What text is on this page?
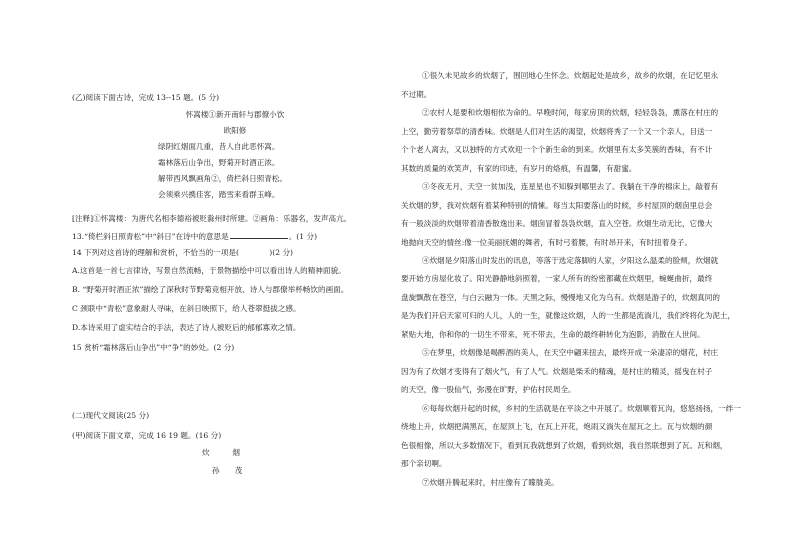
(乙)阅读下面古诗，完成 13--15 题。(5 分)
怀嵩楼①新开南轩与郡僚小饮
欧阳修
绿阴红烟面几重，昔人自此恶怀嵩。
霜林落后山争出，野菊开时酒正浓。
解带西风飘画角②，倚栏斜日照青松。
会须乘兴携佳客，踏雪来看群玉峰。
[注释]①怀嵩楼：为唐代名相李德裕被贬滁州时所建。②画角：乐器名，发声高亢。
13.“倚栏斜日照青松”中“斜日”在诗中的意思是	。(1 分)
14 下列对这首诗的理解和赏析，不恰当的一项是(　　　　)(2 分)
A.这首是一首七言律诗，写景自然流畅，于景物描绘中可以看出诗人的精神面貌。
B. “野菊开时酒正浓”描绘了深秋时节野菊竞相开放、诗人与郡僚举杯畅饮的画面。
C 颈联中“青松”意象耐人寻味，在斜日映照下，给人苍翠挺拔之感。
D.本诗采用了虚实结合的手法，表达了诗人被贬后的郁郁寡欢之情。
15 赏析“霜林落后山争出”中“争”的妙处。(2 分)
(二)现代文阅读(25 分)
(甲)阅读下面文章，完成 16 19 题。(16 分)
炊　　　烟
孙　　茂
①很久未见故乡的炊烟了，围回地心生怀念。炊烟起处是故乡，故乡的炊烟，在记忆里永
不过期。
②农村人是要和炊烟相依为命的。早晚时间，每家房顶的炊烟，轻轻袅袅，熏落在村庄的
上空，勤劳着祭草的清香味。炊烟是人们对生活的渴望，炊烟将秀了一个又一个亲人，目送一
个个老人离去，又以独特的方式欢迎一个个新生命的到来。炊烟里有太多笑簇的香味，有不计
其数的质量的欢笑声，有家的印迹，有岁月的烙痕，有温馨，有甜蜜。
③冬夜无月，天空一贫加浅，连星星也不知躲到哪里去了。我躺在干净的棉床上，敲着有
关炊烟的梦，我对炊烟有着某种特别的情愫。每当太阳要落山的时候，乡村屋顶的烟囱里总会
有一般淡淡的炊烟带着清香散逸出来。烟囱冒着袅袅炊烟，直入空苍。炊烟生动无比，它像大
地抛向天空的情丝:像一位美丽抚媚的舞者，有时弓着腰，有时昂开来，有时扭着身子。
④炊烟是夕阳落山时发出的讯息，等落于选定落脚的人家，夕阳这么温柔的脸颊，炊烟就
要开始方房屋化妆了。阳光静静地斜照着，一家人所有的纷密都藏在炊烟里，蜿蜒曲折，最终
盘旋飘散在苍空，与白云融为一体。天黑之际，慢慢地又化为乌有。炊烟是游子的，炊烟真同的
是为我们开启天家可归的人儿，人的一生，就像这炊烟，人的一生都是流淌儿，我们终将化为泥土，
紧贴大地，你和你的一切生不带来，死不带去，生命的最终耕转化为泡影，消散在人世间。
⑤在梦里，炊烟像是喝醉酒的美人，在天空中翩来扭去，最终开成一朵凄凉的烟花，村庄
因为有了炊烟才变得有了烟火气，有了人气。炊烟是柴禾的精魂，是村庄的精灵，摇曳在村子
的天空，像一股仙气，弥漫在旷野，护佑村民周全。
⑥每每炊烟升起的时候，乡村的生活就是在平淡之中开展了。炊烟顺着瓦沟，悠悠扬扬，一绊一
绕地上升，炊烟把满黑瓦，在屋顶上飞，在瓦上开花，炮雨又淌失在屋瓦之上。瓦与炊烟的颜
色很相像，所以大多数情况下，看到瓦我就想到了炊烟，看到炊烟，我自然联想到了瓦。瓦和烟，
那个亲切啊。
⑦炊烟升腾起来时，村庄像有了矇胧美。
